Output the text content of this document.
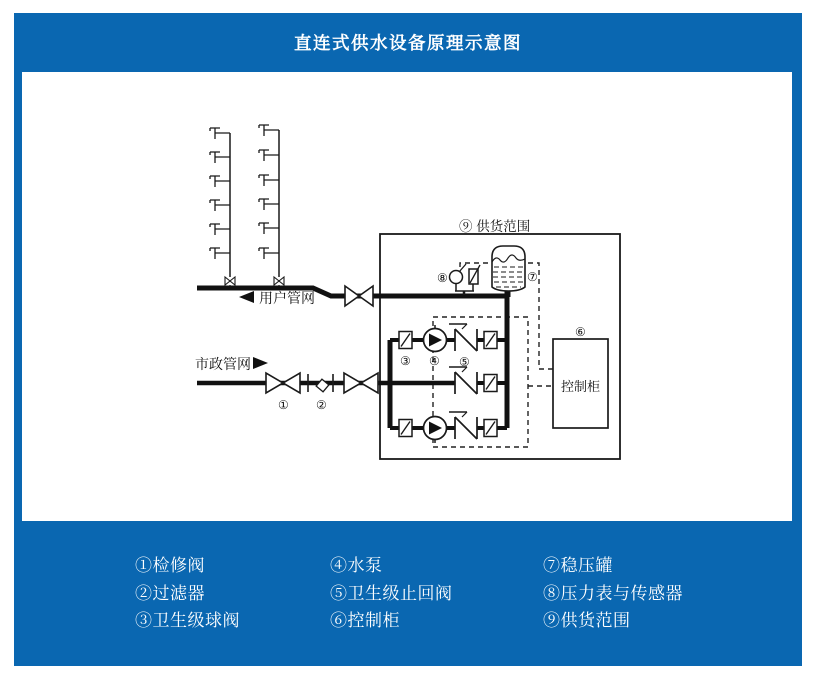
直连式供水设备原理示意图
⑨ 供货范围
用户管网
市政管网
① ②
③ ④ ⑤
⑦
⑧
⑥
控制柜
①检修阀
②过滤器
③卫生级球阀
④水泵
⑤卫生级止回阀
⑥控制柜
⑦稳压罐
⑧压力表与传感器
⑨供货范围
